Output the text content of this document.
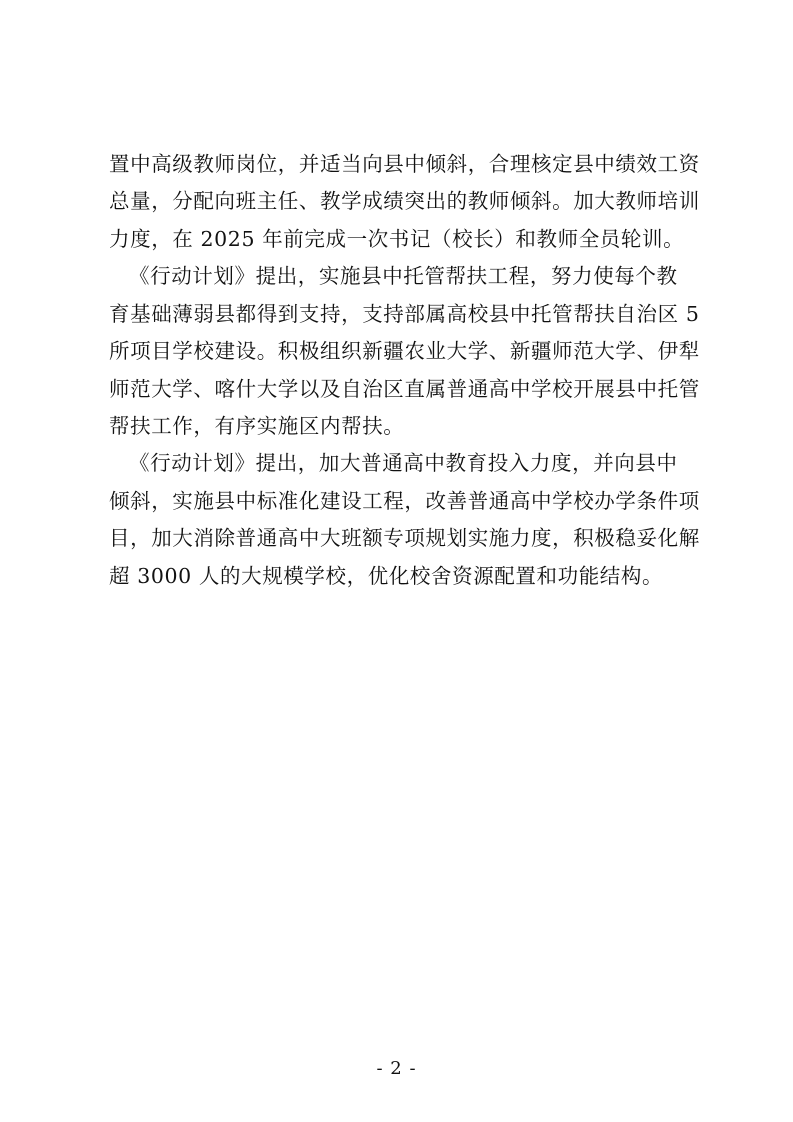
置中高级教师岗位，并适当向县中倾斜，合理核定县中绩效工资

总量，分配向班主任、教学成绩突出的教师倾斜。加大教师培训

力度，在 2025 年前完成一次书记（校长）和教师全员轮训。

《行动计划》提出，实施县中托管帮扶工程，努力使每个教

育基础薄弱县都得到支持，支持部属高校县中托管帮扶自治区 5

所项目学校建设。积极组织新疆农业大学、新疆师范大学、伊犁

师范大学、喀什大学以及自治区直属普通高中学校开展县中托管

帮扶工作，有序实施区内帮扶。

《行动计划》提出，加大普通高中教育投入力度，并向县中

倾斜，实施县中标准化建设工程，改善普通高中学校办学条件项

目，加大消除普通高中大班额专项规划实施力度，积极稳妥化解

超 3000 人的大规模学校，优化校舍资源配置和功能结构。

- 2 -
